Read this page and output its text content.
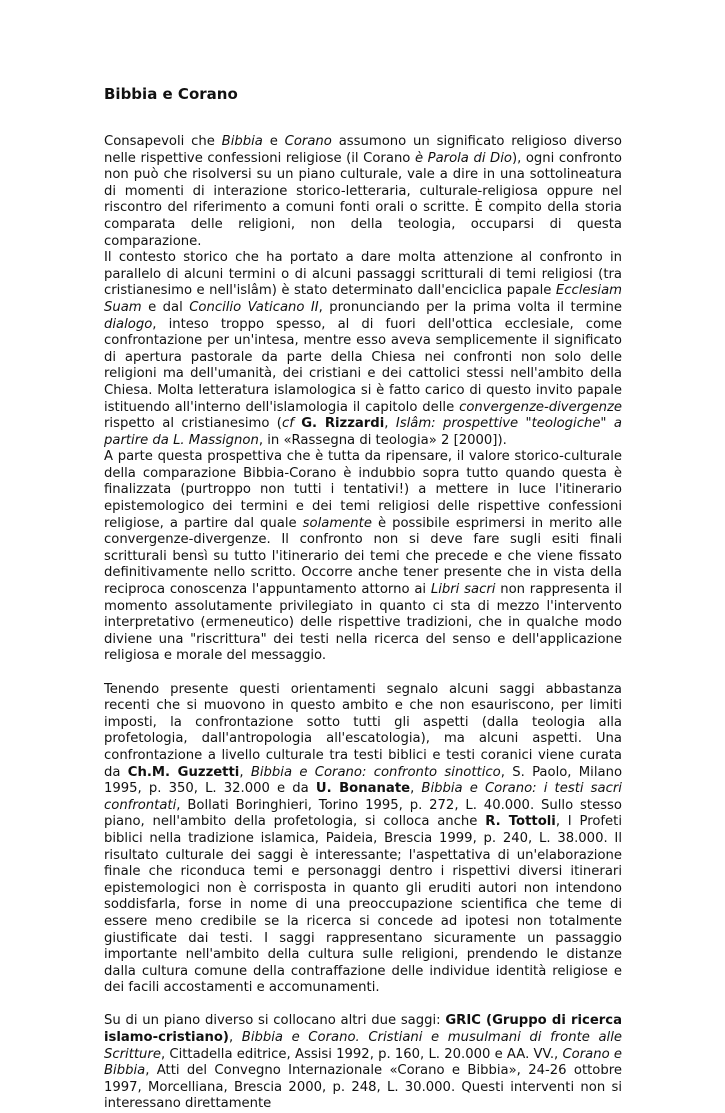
Bibbia e Corano

Consapevoli che Bibbia e Corano assumono un significato religioso diverso nelle rispettive confessioni religiose (il Corano è Parola di Dio), ogni confronto non può che risolversi su un piano culturale, vale a dire in una sottolineatura di momenti di interazione storico-letteraria, culturale-religiosa oppure nel riscontro del riferimento a comuni fonti orali o scritte. È compito della storia comparata delle religioni, non della teologia, occuparsi di questa comparazione.

Il contesto storico che ha portato a dare molta attenzione al confronto in parallelo di alcuni termini o di alcuni passaggi scritturali di temi religiosi (tra cristianesimo e nell'islâm) è stato determinato dall'enciclica papale Ecclesiam Suam e dal Concilio Vaticano II, pronunciando per la prima volta il termine dialogo, inteso troppo spesso, al di fuori dell'ottica ecclesiale, come confrontazione per un'intesa, mentre esso aveva semplicemente il significato di apertura pastorale da parte della Chiesa nei confronti non solo delle religioni ma dell'umanità, dei cristiani e dei cattolici stessi nell'ambito della Chiesa. Molta letteratura islamologica si è fatto carico di questo invito papale istituendo all'interno dell'islamologia il capitolo delle convergenze-divergenze rispetto al cristianesimo (cf G. Rizzardi, Islâm: prospettive "teologiche" a partire da L. Massignon, in «Rassegna di teologia» 2 [2000]).

A parte questa prospettiva che è tutta da ripensare, il valore storico-culturale della comparazione Bibbia-Corano è indubbio sopra tutto quando questa è finalizzata (purtroppo non tutti i tentativi!) a mettere in luce l'itinerario epistemologico dei termini e dei temi religiosi delle rispettive confessioni religiose, a partire dal quale solamente è possibile esprimersi in merito alle convergenze-divergenze. Il confronto non si deve fare sugli esiti finali scritturali bensì su tutto l'itinerario dei temi che precede e che viene fissato definitivamente nello scritto. Occorre anche tener presente che in vista della reciproca conoscenza l'appuntamento attorno ai Libri sacri non rappresenta il momento assolutamente privilegiato in quanto ci sta di mezzo l'intervento interpretativo (ermeneutico) delle rispettive tradizioni, che in qualche modo diviene una "riscrittura" dei testi nella ricerca del senso e dell'applicazione religiosa e morale del messaggio.

Tenendo presente questi orientamenti segnalo alcuni saggi abbastanza recenti che si muovono in questo ambito e che non esauriscono, per limiti imposti, la confrontazione sotto tutti gli aspetti (dalla teologia alla profetologia, dall'antropologia all'escatologia), ma alcuni aspetti. Una confrontazione a livello culturale tra testi biblici e testi coranici viene curata da Ch.M. Guzzetti, Bibbia e Corano: confronto sinottico, S. Paolo, Milano 1995, p. 350, L. 32.000 e da U. Bonanate, Bibbia e Corano: i testi sacri confrontati, Bollati Boringhieri, Torino 1995, p. 272, L. 40.000. Sullo stesso piano, nell'ambito della profetologia, si colloca anche R. Tottoli, I Profeti biblici nella tradizione islamica, Paideia, Brescia 1999, p. 240, L. 38.000. Il risultato culturale dei saggi è interessante; l'aspettativa di un'elaborazione finale che riconduca temi e personaggi dentro i rispettivi diversi itinerari epistemologici non è corrisposta in quanto gli eruditi autori non intendono soddisfarla, forse in nome di una preoccupazione scientifica che teme di essere meno credibile se la ricerca si concede ad ipotesi non totalmente giustificate dai testi. I saggi rappresentano sicuramente un passaggio importante nell'ambito della cultura sulle religioni, prendendo le distanze dalla cultura comune della contraffazione delle individue identità religiose e dei facili accostamenti e accomunamenti.

Su di un piano diverso si collocano altri due saggi: GRIC (Gruppo di ricerca islamo-cristiano), Bibbia e Corano. Cristiani e musulmani di fronte alle Scritture, Cittadella editrice, Assisi 1992, p. 160, L. 20.000 e AA. VV., Corano e Bibbia, Atti del Convegno Internazionale «Corano e Bibbia», 24-26 ottobre 1997, Morcelliana, Brescia 2000, p. 248, L. 30.000. Questi interventi non si interessano direttamente
